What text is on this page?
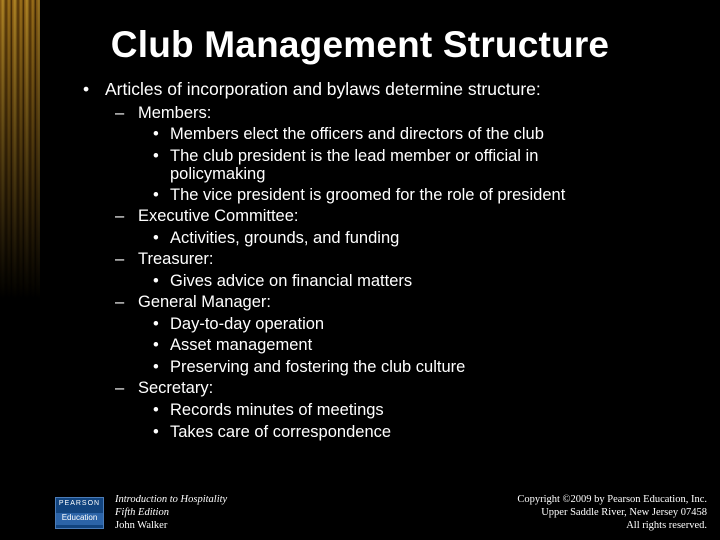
Club Management Structure
• Articles of incorporation and bylaws determine structure:
– Members:
• Members elect the officers and directors of the club
• The club president is the lead member or official in
policymaking
• The vice president is groomed for the role of president
– Executive Committee:
• Activities, grounds, and funding
– Treasurer:
• Gives advice on financial matters
– General Manager:
• Day-to-day operation
• Asset management
• Preserving and fostering the club culture
– Secretary:
• Records minutes of meetings
• Takes care of correspondence
PEARSON
Education
Introduction to Hospitality
Fifth Edition
John Walker
Copyright ©2009 by Pearson Education, Inc.
Upper Saddle River, New Jersey 07458
All rights reserved.
